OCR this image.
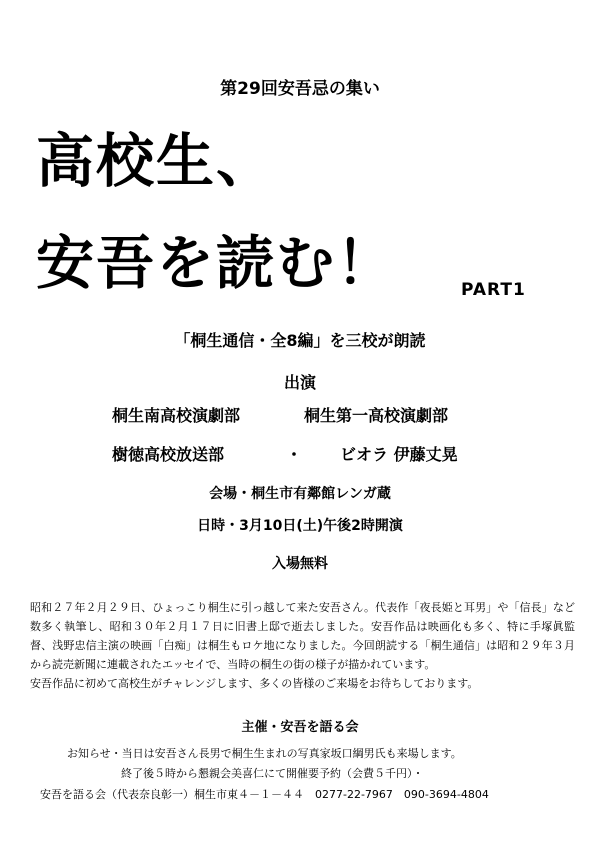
第29回安吾忌の集い
高校生、
安吾を読む！	PART1
「桐生通信・全8編」を三校が朗読
出演
桐生南高校演劇部	桐生第一高校演劇部
樹徳高校放送部	・ ビオラ 伊藤丈晃
会場・桐生市有鄰館レンガ蔵
日時・3月10日(土)午後2時開演
入場無料

昭和２７年２月２９日、ひょっこり桐生に引っ越して来た安吾さん。代表作「夜長姫と耳男」や「信長」など数多く執筆し、昭和３０年２月１７日に旧書上邸で逝去しました。安吾作品は映画化も多く、特に手塚眞監督、浅野忠信主演の映画「白痴」は桐生もロケ地になりました。今回朗読する「桐生通信」は昭和２９年３月から読売新聞に連載されたエッセイで、当時の桐生の街の様子が描かれています。

安吾作品に初めて高校生がチャレンジします、多くの皆様のご来場をお待ちしております。

主催・安吾を語る会
お知らせ・当日は安吾さん長男で桐生生まれの写真家坂口綱男氏も来場します。
終了後５時から懇親会美喜仁にて開催要予約（会費５千円）・
安吾を語る会（代表奈良彰一）桐生市東４－１－４４　0277-22-7967　090-3694-4804
